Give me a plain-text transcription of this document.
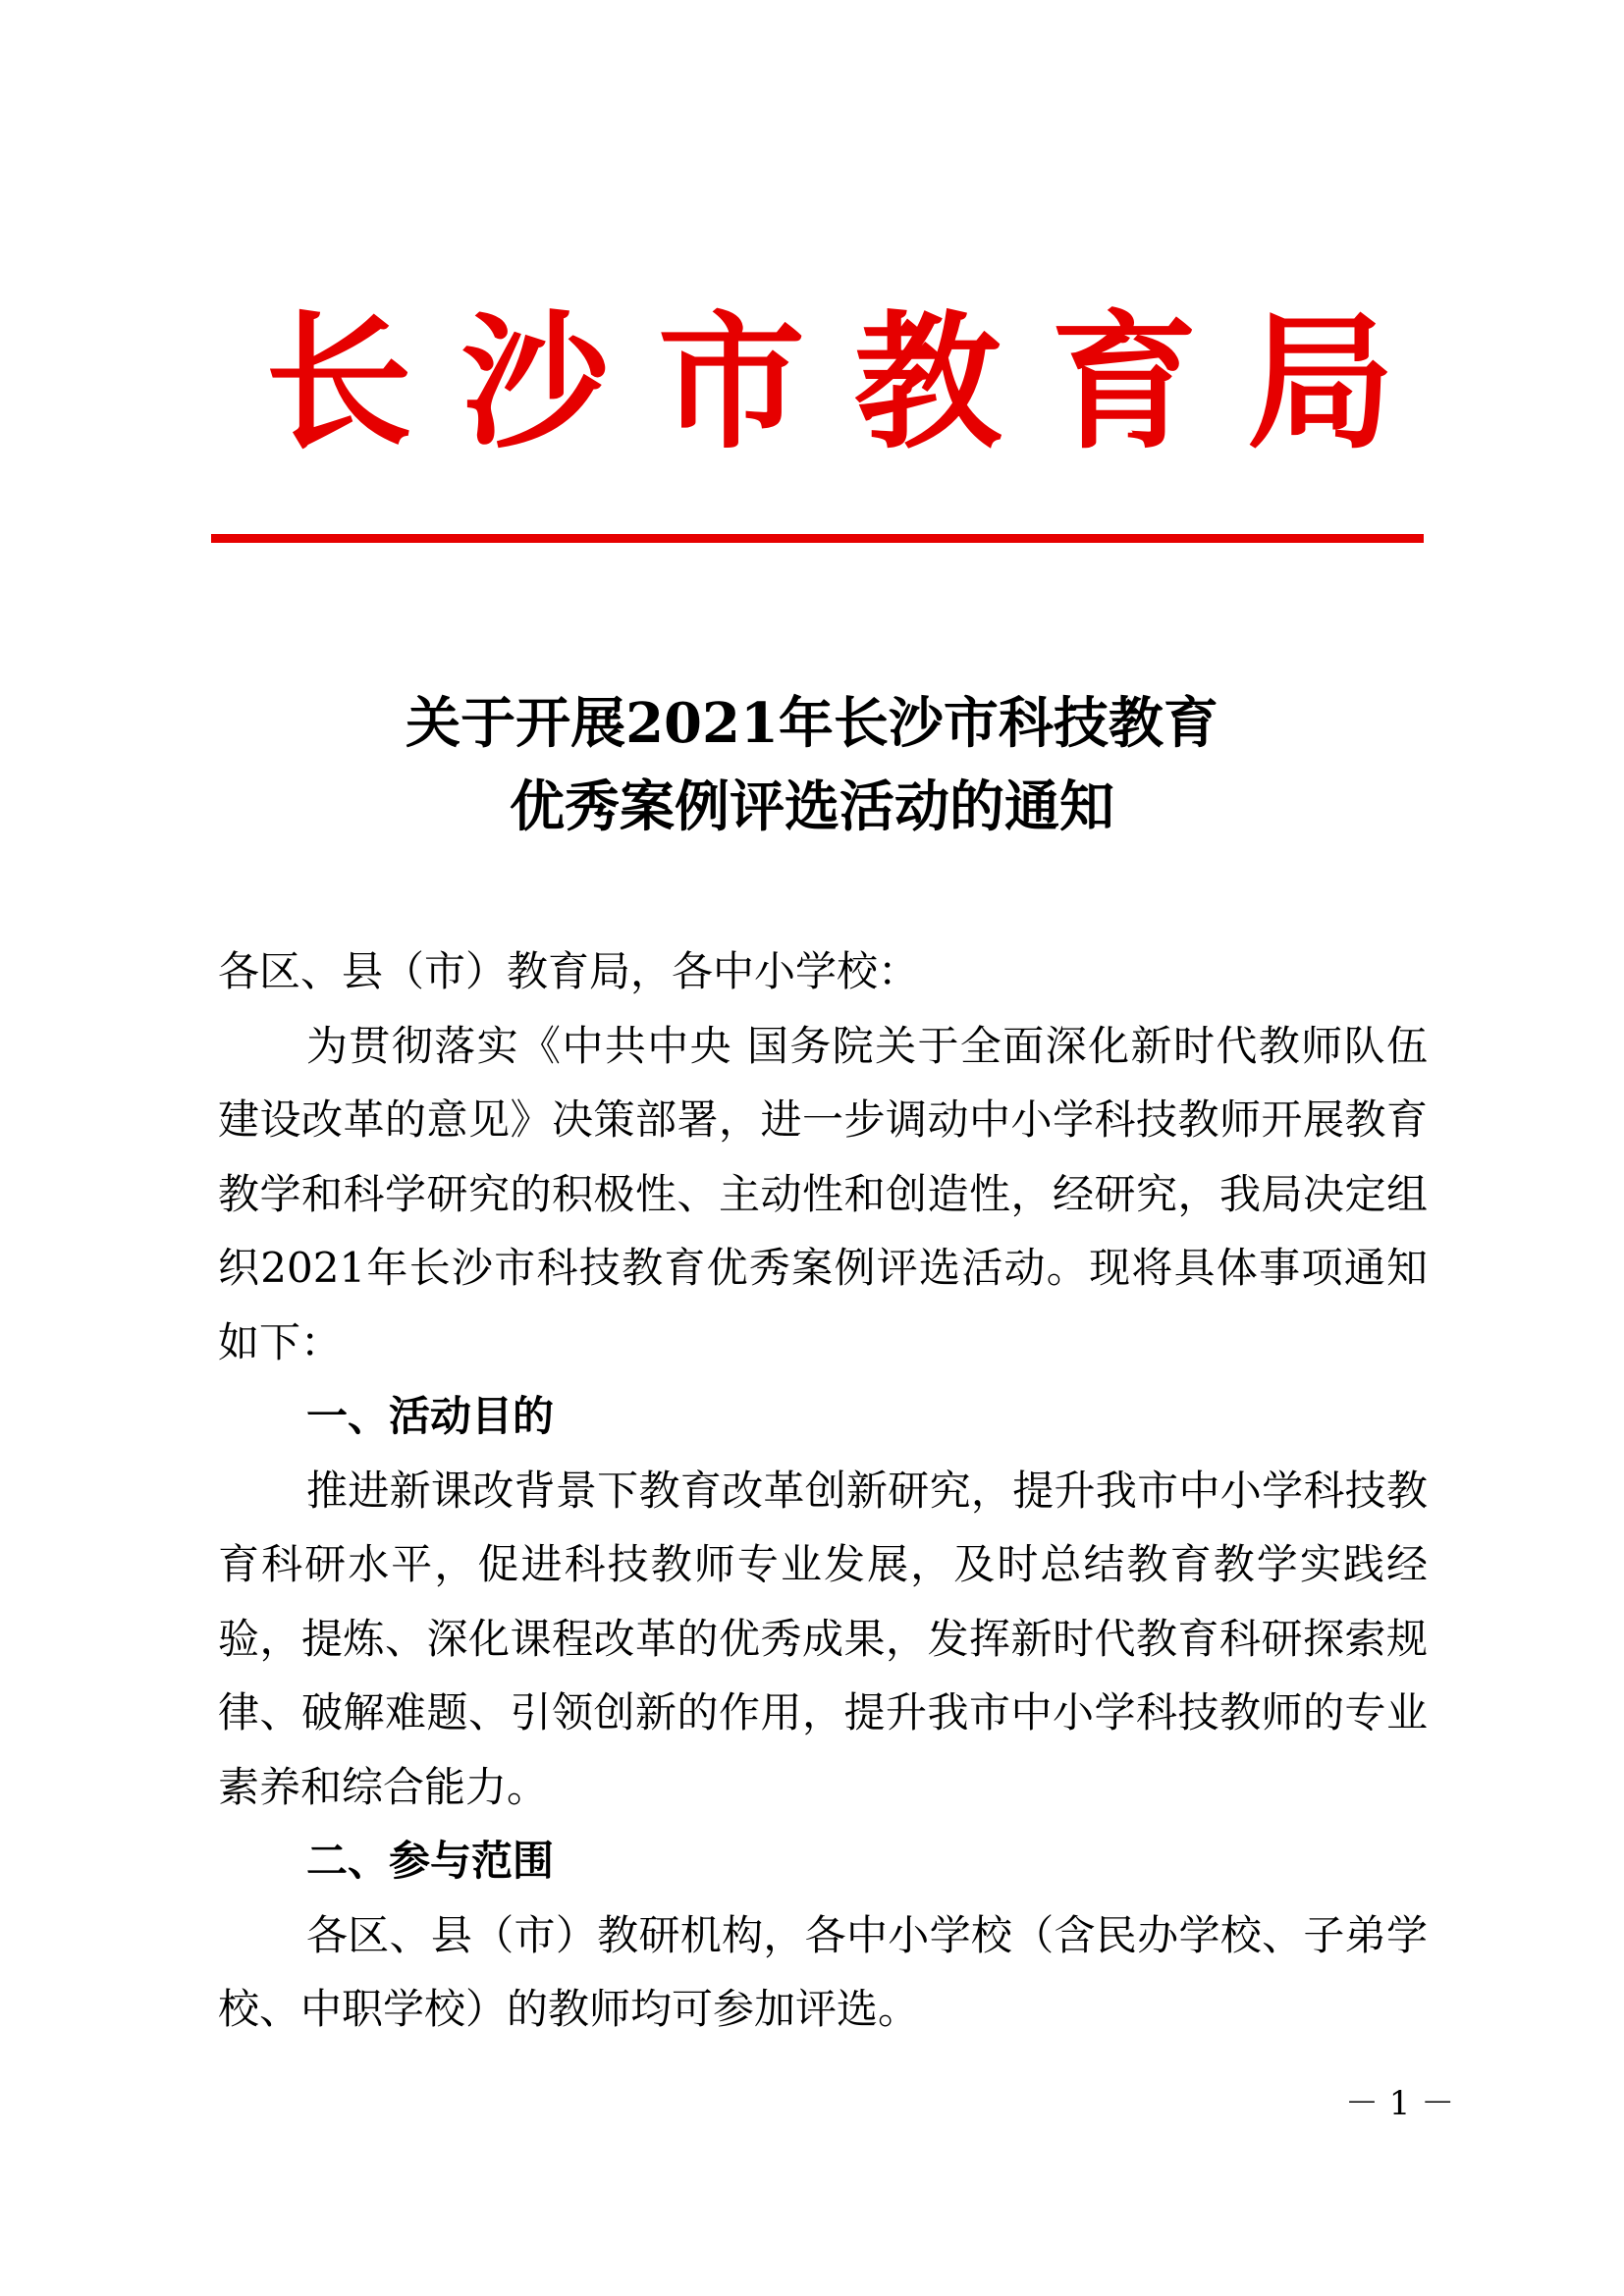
长 沙 市 教 育 局
关于开展2021年长沙市科技教育
优秀案例评选活动的通知

各区、县（市）教育局，各中小学校：

为贯彻落实《中共中央 国务院关于全面深化新时代教师队伍建设改革的意见》决策部署，进一步调动中小学科技教师开展教育教学和科学研究的积极性、主动性和创造性，经研究，我局决定组织2021年长沙市科技教育优秀案例评选活动。现将具体事项通知如下：

一、活动目的

推进新课改背景下教育改革创新研究，提升我市中小学科技教育科研水平，促进科技教师专业发展，及时总结教育教学实践经验，提炼、深化课程改革的优秀成果，发挥新时代教育科研探索规律、破解难题、引领创新的作用，提升我市中小学科技教师的专业素养和综合能力。

二、参与范围

各区、县（市）教研机构，各中小学校（含民办学校、子弟学校、中职学校）的教师均可参加评选。

－ 1 －
